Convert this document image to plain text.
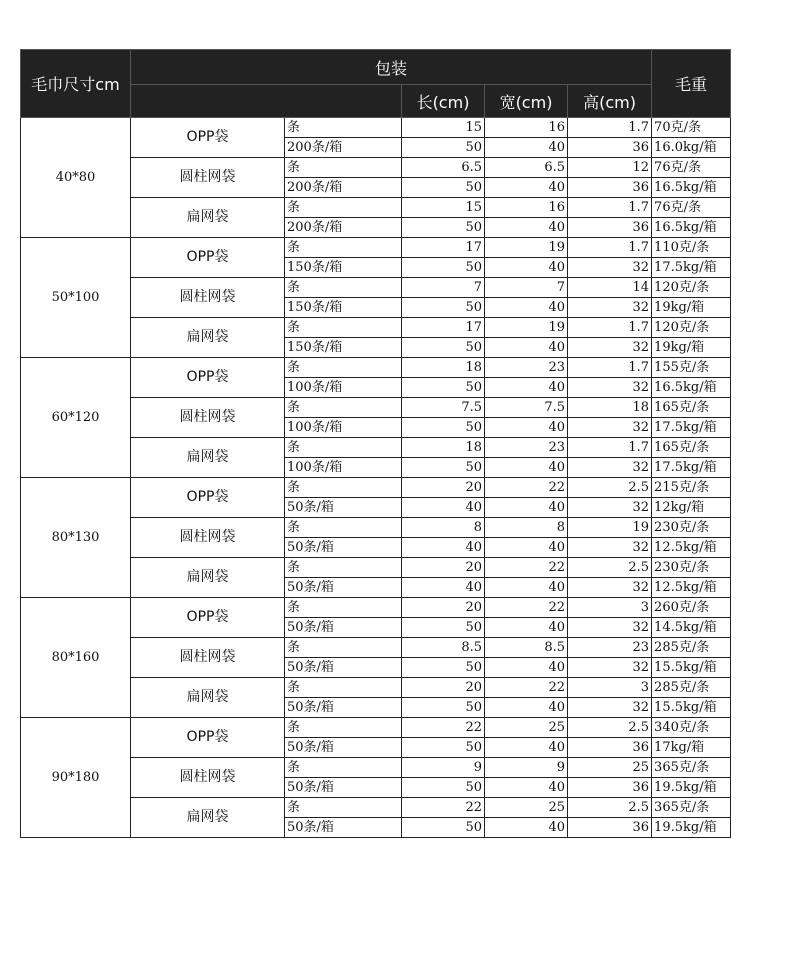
毛巾尺寸cm	包装					毛重
			长(cm)	宽(cm)	高(cm)	
40*80	OPP袋	条	15	16	1.7	70克/条
		200条/箱	50	40	36	16.0kg/箱
	圆柱网袋	条	6.5	6.5	12	76克/条
		200条/箱	50	40	36	16.5kg/箱
	扁网袋	条	15	16	1.7	76克/条
		200条/箱	50	40	36	16.5kg/箱
50*100	OPP袋	条	17	19	1.7	110克/条
		150条/箱	50	40	32	17.5kg/箱
	圆柱网袋	条	7	7	14	120克/条
		150条/箱	50	40	32	19kg/箱
	扁网袋	条	17	19	1.7	120克/条
		150条/箱	50	40	32	19kg/箱
60*120	OPP袋	条	18	23	1.7	155克/条
		100条/箱	50	40	32	16.5kg/箱
	圆柱网袋	条	7.5	7.5	18	165克/条
		100条/箱	50	40	32	17.5kg/箱
	扁网袋	条	18	23	1.7	165克/条
		100条/箱	50	40	32	17.5kg/箱
80*130	OPP袋	条	20	22	2.5	215克/条
		50条/箱	40	40	32	12kg/箱
	圆柱网袋	条	8	8	19	230克/条
		50条/箱	40	40	32	12.5kg/箱
	扁网袋	条	20	22	2.5	230克/条
		50条/箱	40	40	32	12.5kg/箱
80*160	OPP袋	条	20	22	3	260克/条
		50条/箱	50	40	32	14.5kg/箱
	圆柱网袋	条	8.5	8.5	23	285克/条
		50条/箱	50	40	32	15.5kg/箱
	扁网袋	条	20	22	3	285克/条
		50条/箱	50	40	32	15.5kg/箱
90*180	OPP袋	条	22	25	2.5	340克/条
		50条/箱	50	40	36	17kg/箱
	圆柱网袋	条	9	9	25	365克/条
		50条/箱	50	40	36	19.5kg/箱
	扁网袋	条	22	25	2.5	365克/条
		50条/箱	50	40	36	19.5kg/箱
